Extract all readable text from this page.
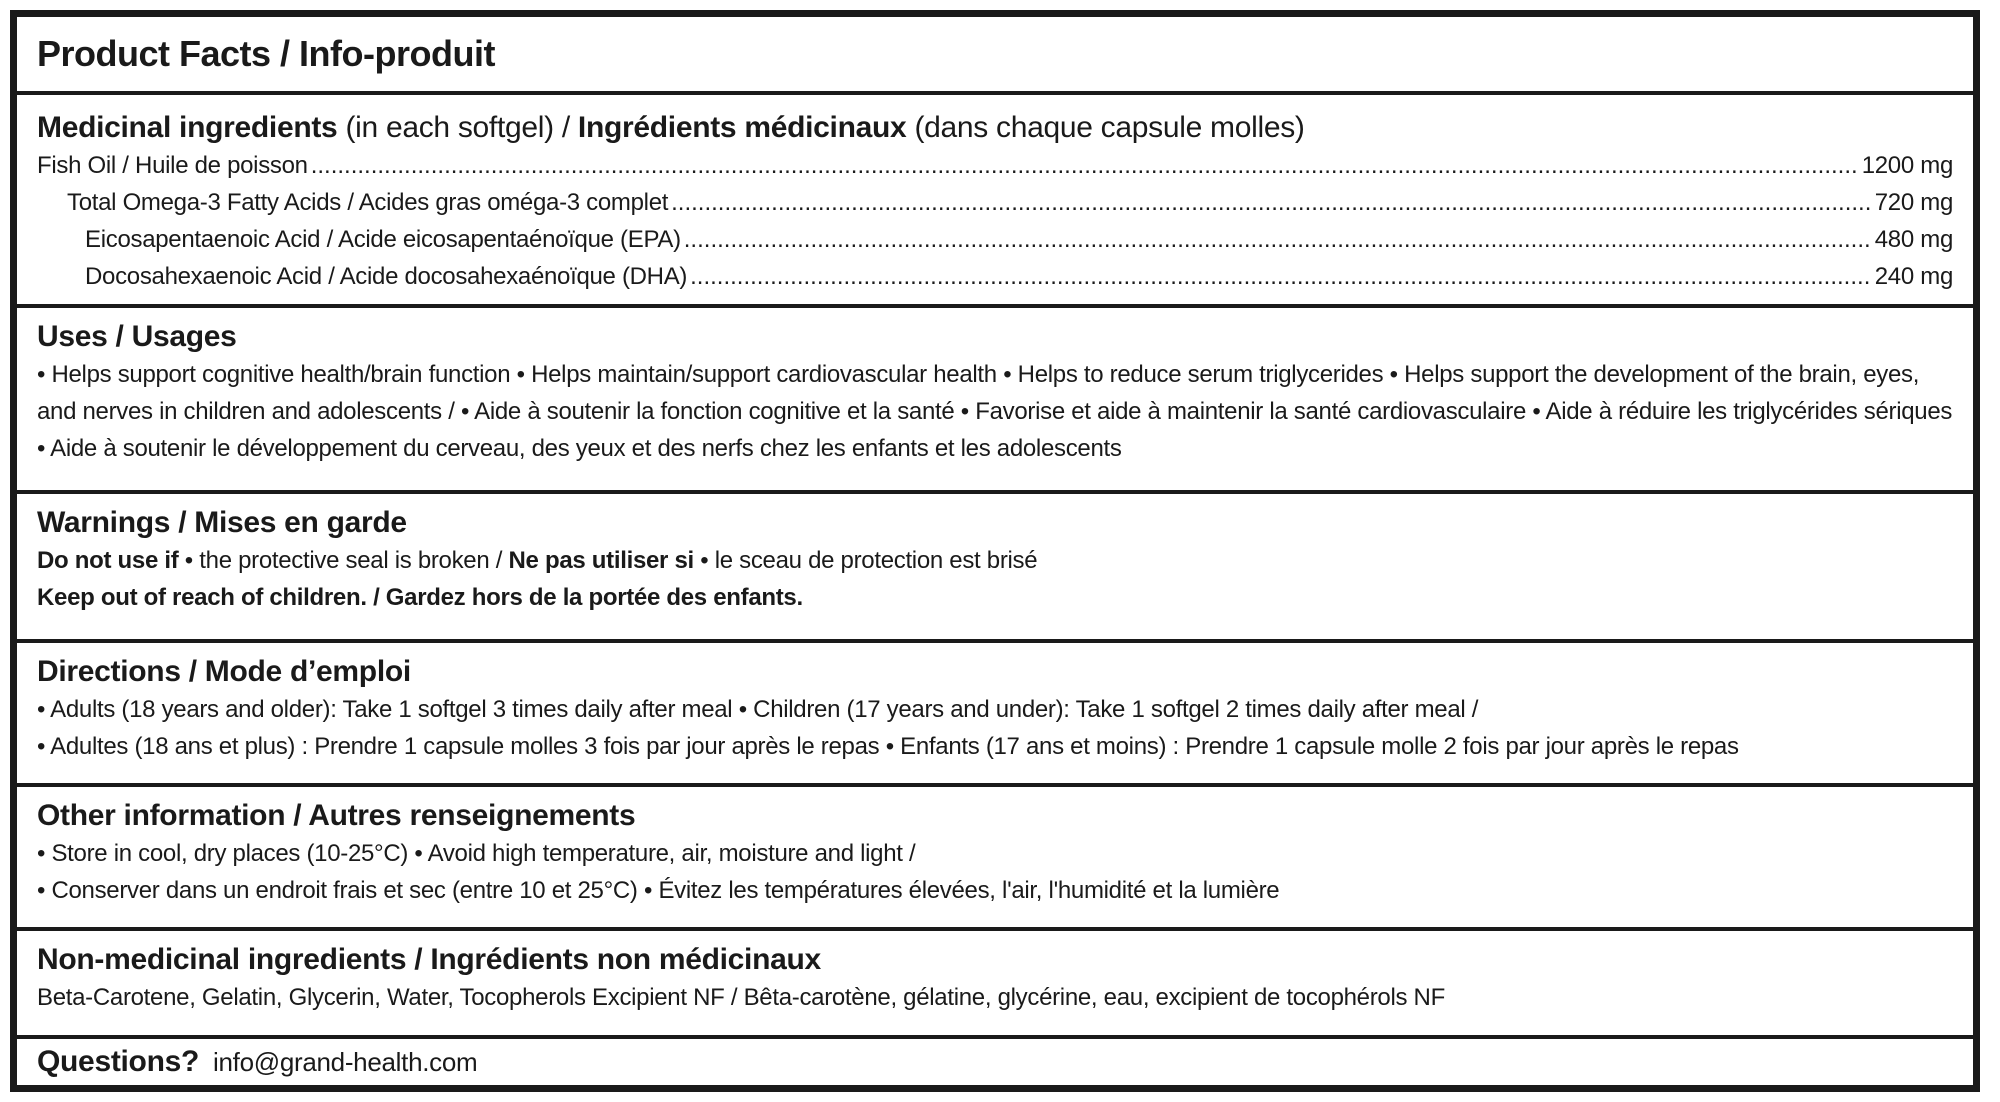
Product Facts / Info-produit
Medicinal ingredients (in each softgel) / Ingrédients médicinaux (dans chaque capsule molles)
Fish Oil / Huile de poisson .....	1200 mg
Total Omega-3 Fatty Acids / Acides gras oméga-3 complet .....	720 mg
Eicosapentaenoic Acid / Acide eicosapentaénoïque (EPA) .....	480 mg
Docosahexaenoic Acid / Acide docosahexaénoïque (DHA) .....	240 mg
Uses / Usages
• Helps support cognitive health/brain function • Helps maintain/support cardiovascular health • Helps to reduce serum triglycerides • Helps support the development of the brain, eyes, and nerves in children and adolescents / • Aide à soutenir la fonction cognitive et la santé • Favorise et aide à maintenir la santé cardiovasculaire • Aide à réduire les triglycérides sériques • Aide à soutenir le développement du cerveau, des yeux et des nerfs chez les enfants et les adolescents
Warnings / Mises en garde
Do not use if • the protective seal is broken / Ne pas utiliser si • le sceau de protection est brisé
Keep out of reach of children. / Gardez hors de la portée des enfants.
Directions / Mode d’emploi
• Adults (18 years and older): Take 1 softgel 3 times daily after meal • Children (17 years and under): Take 1 softgel 2 times daily after meal /
• Adultes (18 ans et plus) : Prendre 1 capsule molles 3 fois par jour après le repas • Enfants (17 ans et moins) : Prendre 1 capsule molle 2 fois par jour après le repas
Other information / Autres renseignements
• Store in cool, dry places (10-25°C) • Avoid high temperature, air, moisture and light /
• Conserver dans un endroit frais et sec (entre 10 et 25°C) • Évitez les températures élevées, l'air, l'humidité et la lumière
Non-medicinal ingredients / Ingrédients non médicinaux
Beta-Carotene, Gelatin, Glycerin, Water, Tocopherols Excipient NF / Bêta-carotène, gélatine, glycérine, eau, excipient de tocophérols NF
Questions? info@grand-health.com
